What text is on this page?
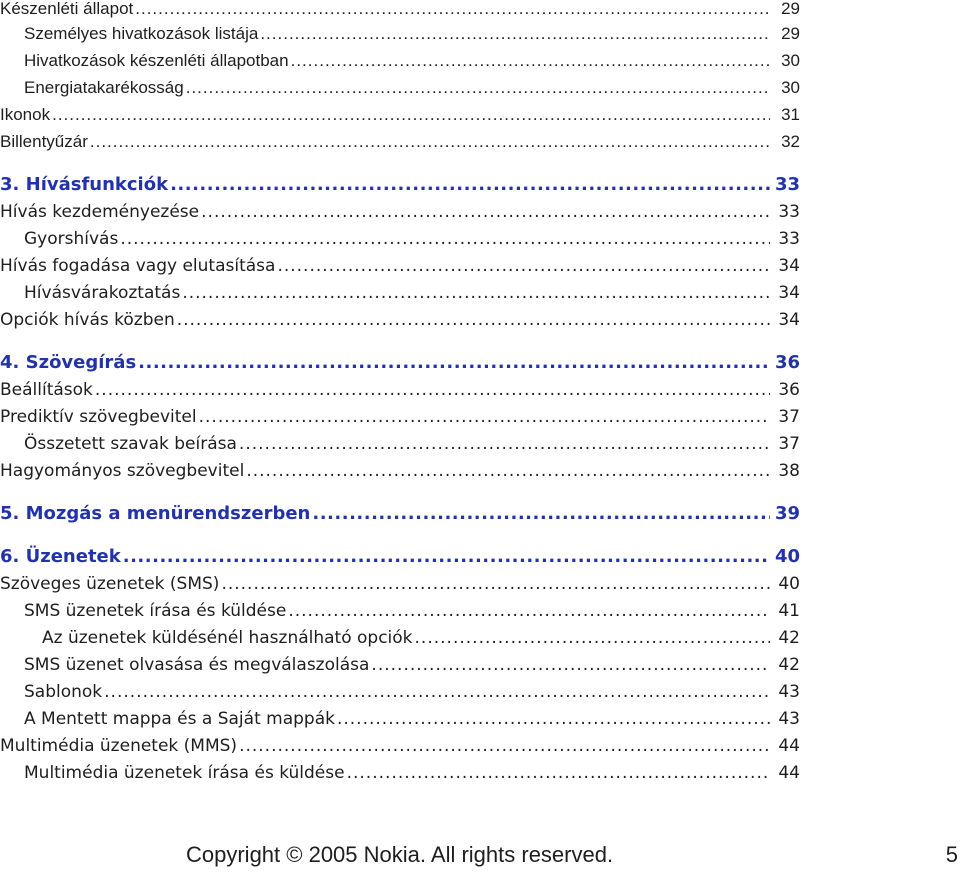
Készenléti állapot .....	29
Személyes hivatkozások listája .....	29
Hivatkozások készenléti állapotban .....	30
Energiatakarékosság .....	30
Ikonok .....	31
Billentyűzár .....	32
3. Hívásfunkciók .....	33
Hívás kezdeményezése .....	33
Gyorshívás .....	33
Hívás fogadása vagy elutasítása .....	34
Hívásvárakoztatás .....	34
Opciók hívás közben .....	34
4. Szövegírás .....	36
Beállítások .....	36
Prediktív szövegbevitel .....	37
Összetett szavak beírása .....	37
Hagyományos szövegbevitel .....	38
5. Mozgás a menürendszerben .....	39
6. Üzenetek .....	40
Szöveges üzenetek (SMS) .....	40
SMS üzenetek írása és küldése .....	41
Az üzenetek küldésénél használható opciók .....	42
SMS üzenet olvasása és megválaszolása .....	42
Sablonok .....	43
A Mentett mappa és a Saját mappák .....	43
Multimédia üzenetek (MMS) .....	44
Multimédia üzenetek írása és küldése .....	44
Copyright © 2005 Nokia. All rights reserved.	5
